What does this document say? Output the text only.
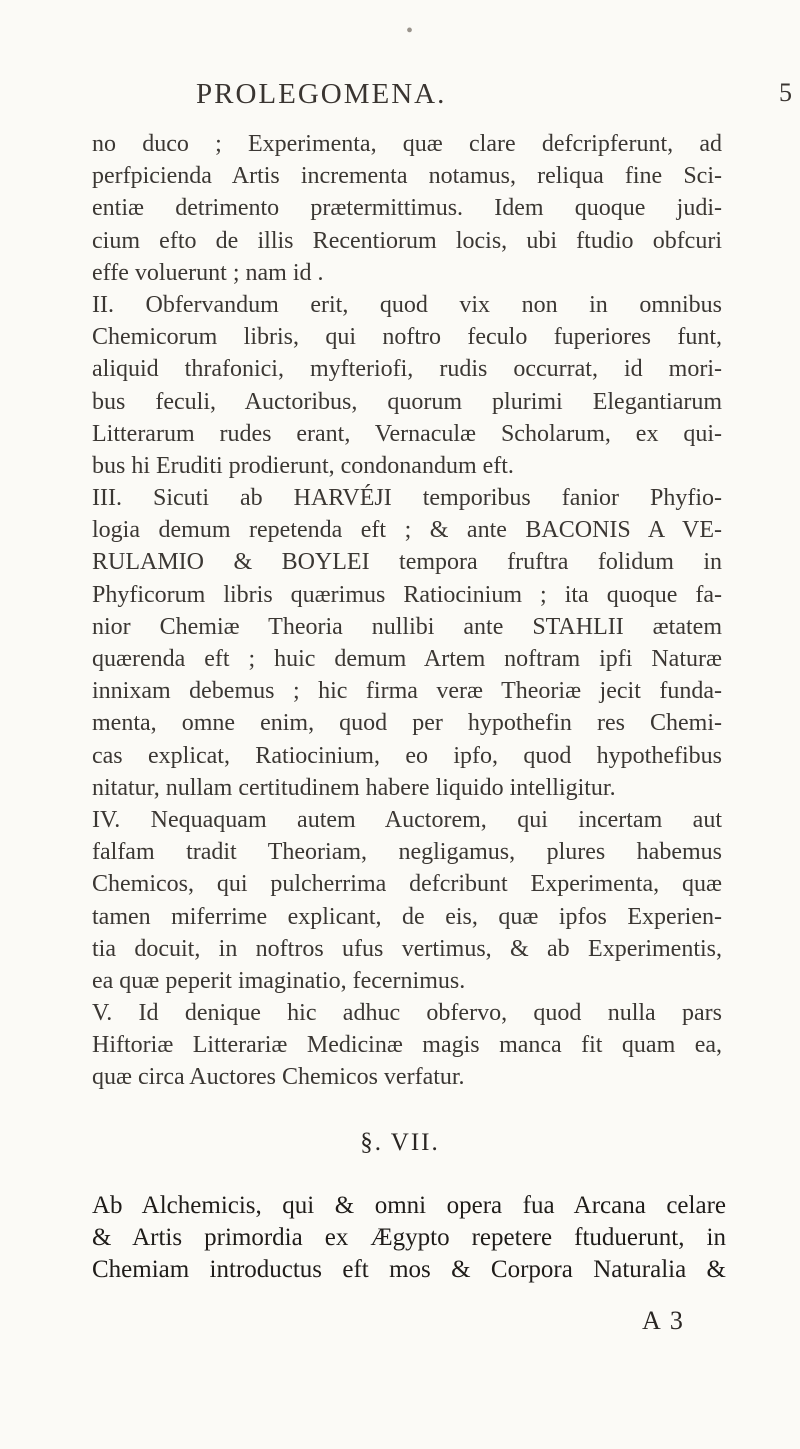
PROLEGOMENA.	5
•
no duco ; Experimenta, quæ clare defcripferunt, ad
perfpicienda Artis incrementa notamus, reliqua fine Sci-
entiæ detrimento prætermittimus. Idem quoque judi-
cium efto de illis Recentiorum locis, ubi ftudio obfcuri
effe voluerunt ; nam id .
II. Obfervandum erit, quod vix non in omnibus
Chemicorum libris, qui noftro feculo fuperiores funt,
aliquid thrafonici, myfteriofi, rudis occurrat, id mori-
bus feculi, Auctoribus, quorum plurimi Elegantiarum
Litterarum rudes erant, Vernaculæ Scholarum, ex qui-
bus hi Eruditi prodierunt, condonandum eft.
III. Sicuti ab HARVÉJI temporibus fanior Phyfio-
logia demum repetenda eft ; & ante BACONIS A VE-
RULAMIO & BOYLEI tempora fruftra folidum in
Phyficorum libris quærimus Ratiocinium ; ita quoque fa-
nior Chemiæ Theoria nullibi ante STAHLII ætatem
quærenda eft ; huic demum Artem noftram ipfi Naturæ
innixam debemus ; hic firma veræ Theoriæ jecit funda-
menta, omne enim, quod per hypothefin res Chemi-
cas explicat, Ratiocinium, eo ipfo, quod hypothefibus
nitatur, nullam certitudinem habere liquido intelligitur.
IV. Nequaquam autem Auctorem, qui incertam aut
falfam tradit Theoriam, negligamus, plures habemus
Chemicos, qui pulcherrima defcribunt Experimenta, quæ
tamen miferrime explicant, de eis, quæ ipfos Experien-
tia docuit, in noftros ufus vertimus, & ab Experimentis,
ea quæ peperit imaginatio, fecernimus.
V. Id denique hic adhuc obfervo, quod nulla pars
Hiftoriæ Litterariæ Medicinæ magis manca fit quam ea,
quæ circa Auctores Chemicos verfatur.
§. VII.
Ab Alchemicis, qui & omni opera fua Arcana celare
& Artis primordia ex Ægypto repetere ftuduerunt, in
Chemiam introductus eft mos & Corpora Naturalia &
A 3
